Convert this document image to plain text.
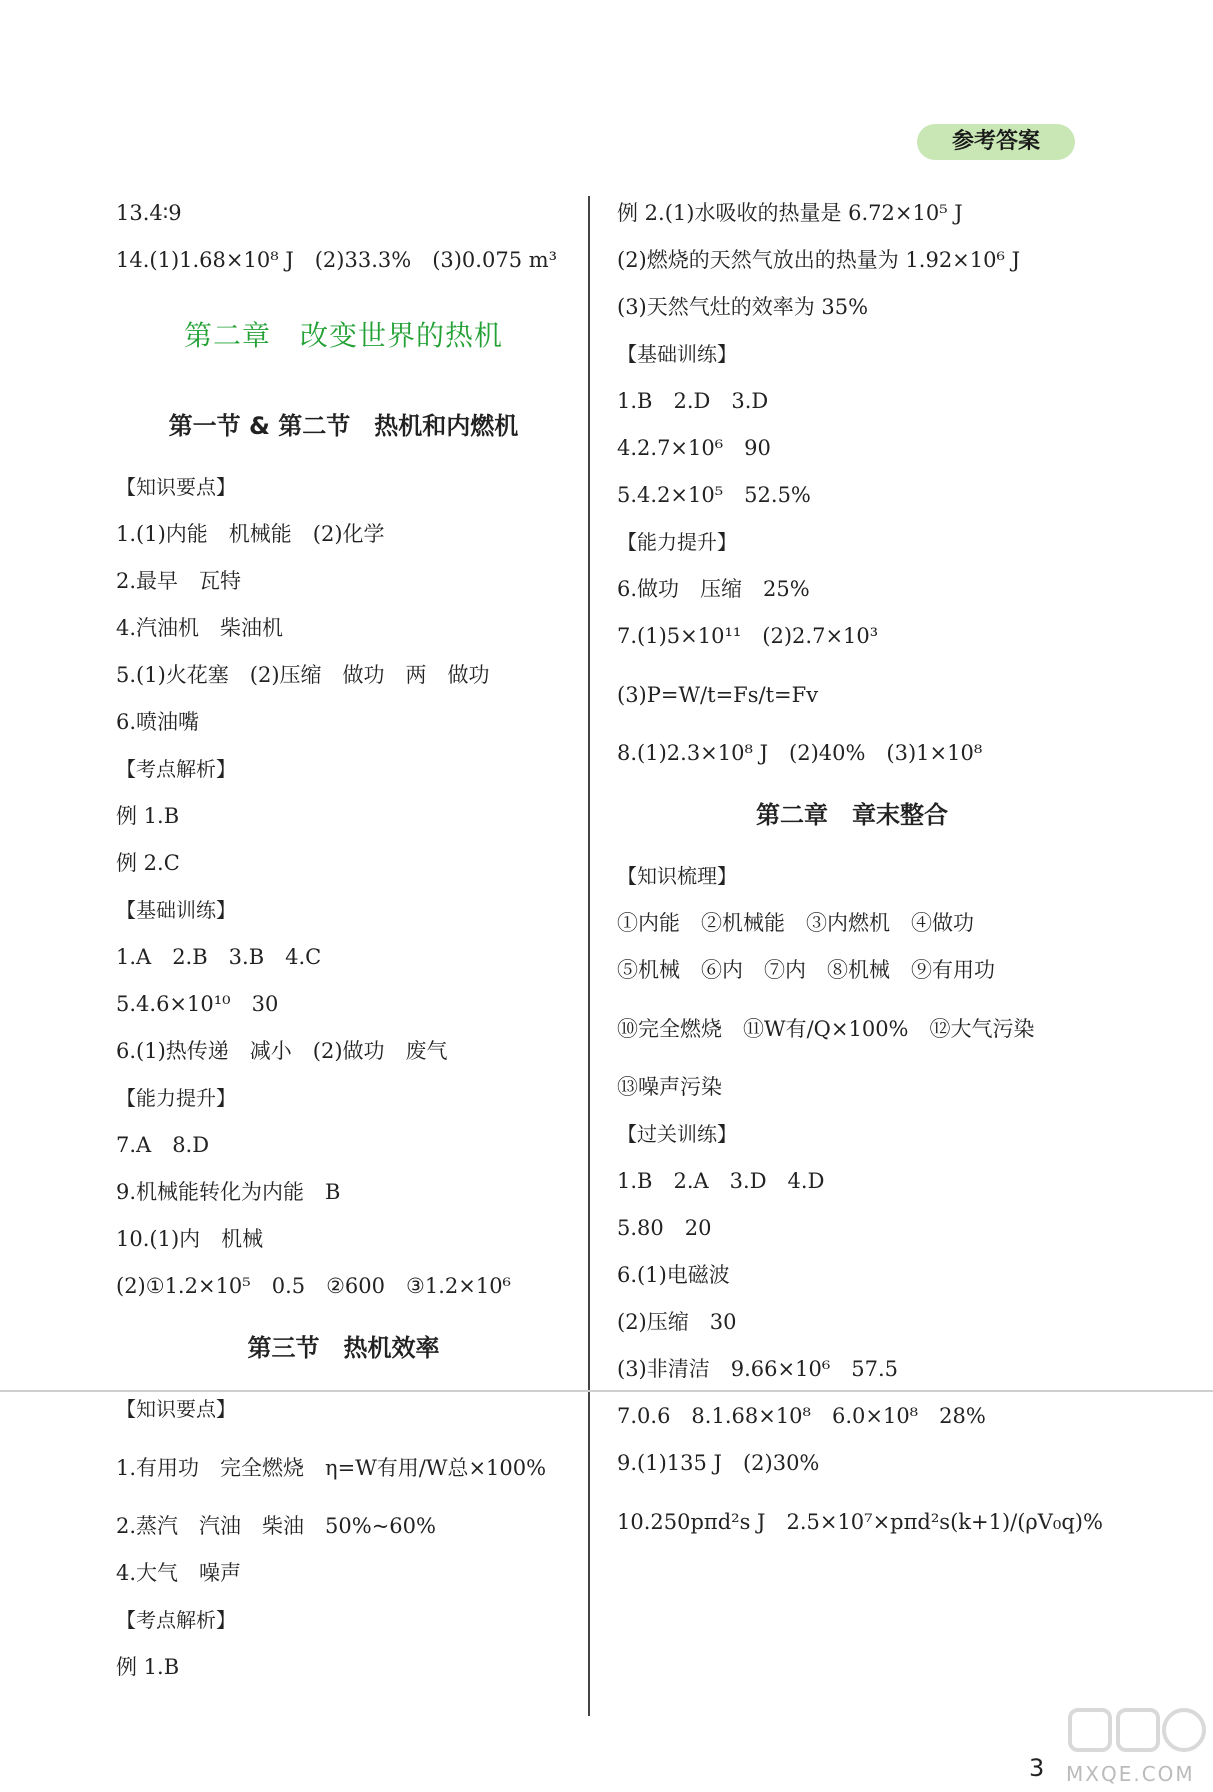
参考答案
13.4∶9
14.(1)1.68×10⁸ J　(2)33.3%　(3)0.075 m³
第二章　改变世界的热机
第一节 & 第二节　热机和内燃机
【知识要点】
1.(1)内能　机械能　(2)化学
2.最早　瓦特
4.汽油机　柴油机
5.(1)火花塞　(2)压缩　做功　两　做功
6.喷油嘴
【考点解析】
例 1.B
例 2.C
【基础训练】
1.A　2.B　3.B　4.C
5.4.6×10¹⁰　30
6.(1)热传递　减小　(2)做功　废气
【能力提升】
7.A　8.D
9.机械能转化为内能　B
10.(1)内　机械
(2)①1.2×10⁵　0.5　②600　③1.2×10⁶
第三节　热机效率
【知识要点】
1.有用功　完全燃烧　η=W有用/W总×100%
2.蒸汽　汽油　柴油　50%~60%
4.大气　噪声
【考点解析】
例 1.B
例 2.(1)水吸收的热量是 6.72×10⁵ J
(2)燃烧的天然气放出的热量为 1.92×10⁶ J
(3)天然气灶的效率为 35%
【基础训练】
1.B　2.D　3.D
4.2.7×10⁶　90
5.4.2×10⁵　52.5%
【能力提升】
6.做功　压缩　25%
7.(1)5×10¹¹　(2)2.7×10³
(3)P=W/t=Fs/t=Fv
8.(1)2.3×10⁸ J　(2)40%　(3)1×10⁸
第二章　章末整合
【知识梳理】
①内能　②机械能　③内燃机　④做功
⑤机械　⑥内　⑦内　⑧机械　⑨有用功
⑩完全燃烧　⑪W有/Q×100%　⑫大气污染
⑬噪声污染
【过关训练】
1.B　2.A　3.D　4.D
5.80　20
6.(1)电磁波
(2)压缩　30
(3)非清洁　9.66×10⁶　57.5
7.0.6　8.1.68×10⁸　6.0×10⁸　28%
9.(1)135 J　(2)30%
10.250pπd²s J　2.5×10⁷×pπd²s(k+1)/(ρV₀q)%
3 MXQE.COM
